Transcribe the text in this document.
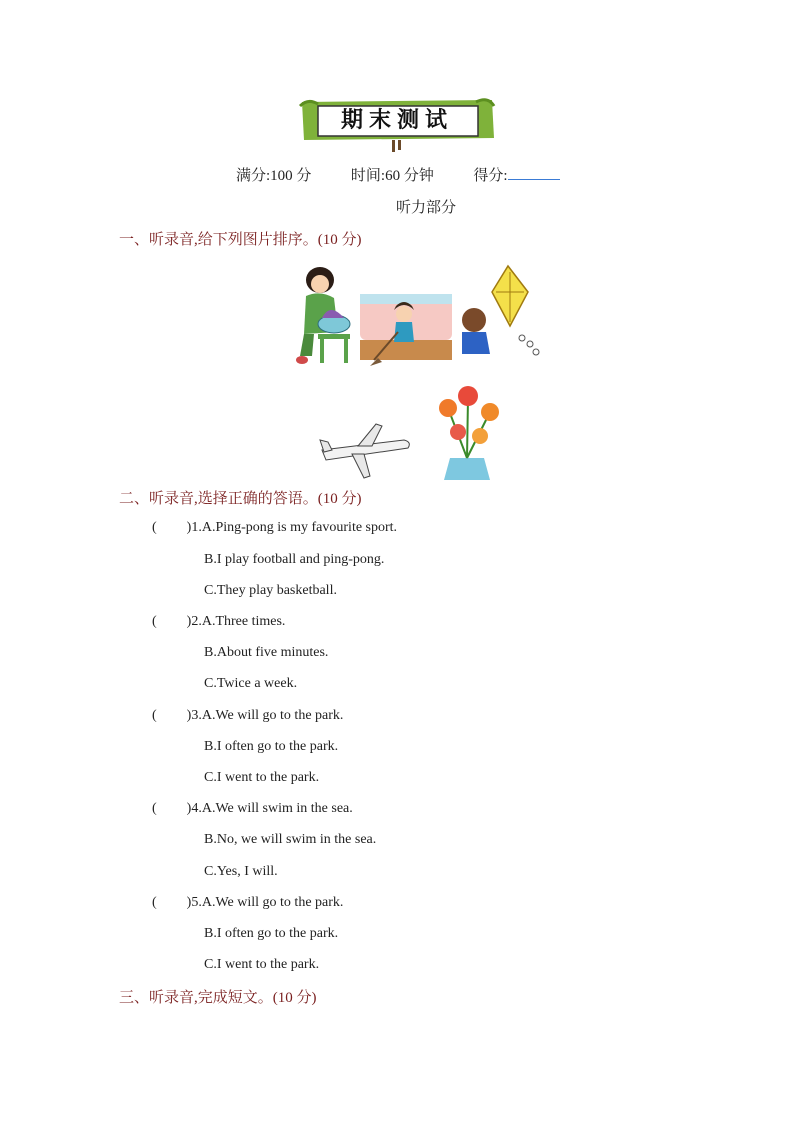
期末测试
满分:100 分	时间:60 分钟	得分:
听力部分
一、听录音,给下列图片排序。(10 分)
二、听录音,选择正确的答语。(10 分)
( )1.A.Ping-pong is my favourite sport.
B.I play football and ping-pong.
C.They play basketball.
( )2.A.Three times.
B.About five minutes.
C.Twice a week.
( )3.A.We will go to the park.
B.I often go to the park.
C.I went to the park.
( )4.A.We will swim in the sea.
B.No, we will swim in the sea.
C.Yes, I will.
( )5.A.We will go to the park.
B.I often go to the park.
C.I went to the park.
三、听录音,完成短文。(10 分)
